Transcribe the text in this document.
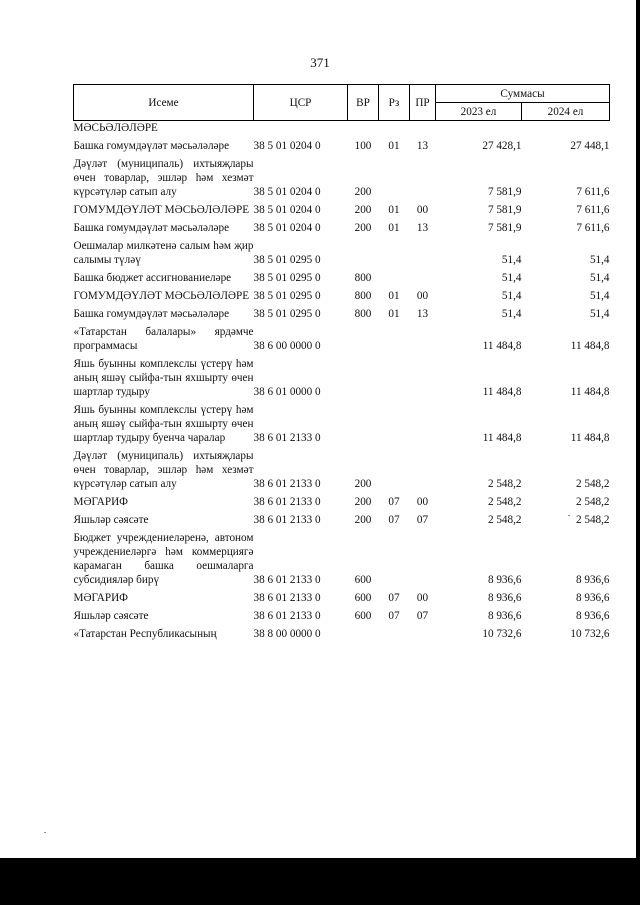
371
Исеме	ЦСР	ВР	Рз	ПР	Суммасы	
					2023 ел	2024 ел
МӘСЬӘЛӘЛӘРЕ						
Башка гомумдәүләт мәсьәләләре	38 5 01 0204 0	100	01	13	27 428,1	27 448,1
Дәүләт (муниципаль) ихтыяҗлары өчен товарлар, эшләр һәм хезмәт күрсәтүләр сатып алу	38 5 01 0204 0	200			7 581,9	7 611,6
ГОМУМДӘҮЛӘТ МӘСЬӘЛӘЛӘРЕ	38 5 01 0204 0	200	01	00	7 581,9	7 611,6
Башка гомумдәүләт мәсьәләләре	38 5 01 0204 0	200	01	13	7 581,9	7 611,6
Оешмалар милкәтенә салым һәм җир салымы түләү	38 5 01 0295 0				51,4	51,4
Башка бюджет ассигнованиеләре	38 5 01 0295 0	800			51,4	51,4
ГОМУМДӘҮЛӘТ МӘСЬӘЛӘЛӘРЕ	38 5 01 0295 0	800	01	00	51,4	51,4
Башка гомумдәүләт мәсьәләләре	38 5 01 0295 0	800	01	13	51,4	51,4
«Татарстан балалары» ярдәмче программасы	38 6 00 0000 0				11 484,8	11 484,8
Яшь буынны комплекслы үстерү һәм аның яшәү сыйфа-тын яхшырту өчен шартлар тудыру	38 6 01 0000 0				11 484,8	11 484,8
Яшь буынны комплекслы үстерү һәм аның яшәү сыйфа-тын яхшырту өчен шартлар тудыру буенча чаралар	38 6 01 2133 0				11 484,8	11 484,8
Дәүләт (муниципаль) ихтыяҗлары өчен товарлар, эшләр һәм хезмәт күрсәтүләр сатып алу	38 6 01 2133 0	200			2 548,2	2 548,2
МӘГАРИФ	38 6 01 2133 0	200	07	00	2 548,2	2 548,2
Яшьләр сәясәте	38 6 01 2133 0	200	07	07	2 548,2	2 548,2
Бюджет учреждениеләренә, автоном учреждениеләргә һәм коммерциягә карамаган башка оешмаларга субсидияләр бирү	38 6 01 2133 0	600			8 936,6	8 936,6
МӘГАРИФ	38 6 01 2133 0	600	07	00	8 936,6	8 936,6
Яшьләр сәясәте	38 6 01 2133 0	600	07	07	8 936,6	8 936,6
«Татарстан Республикасының	38 8 00 0000 0				10 732,6	10 732,6
